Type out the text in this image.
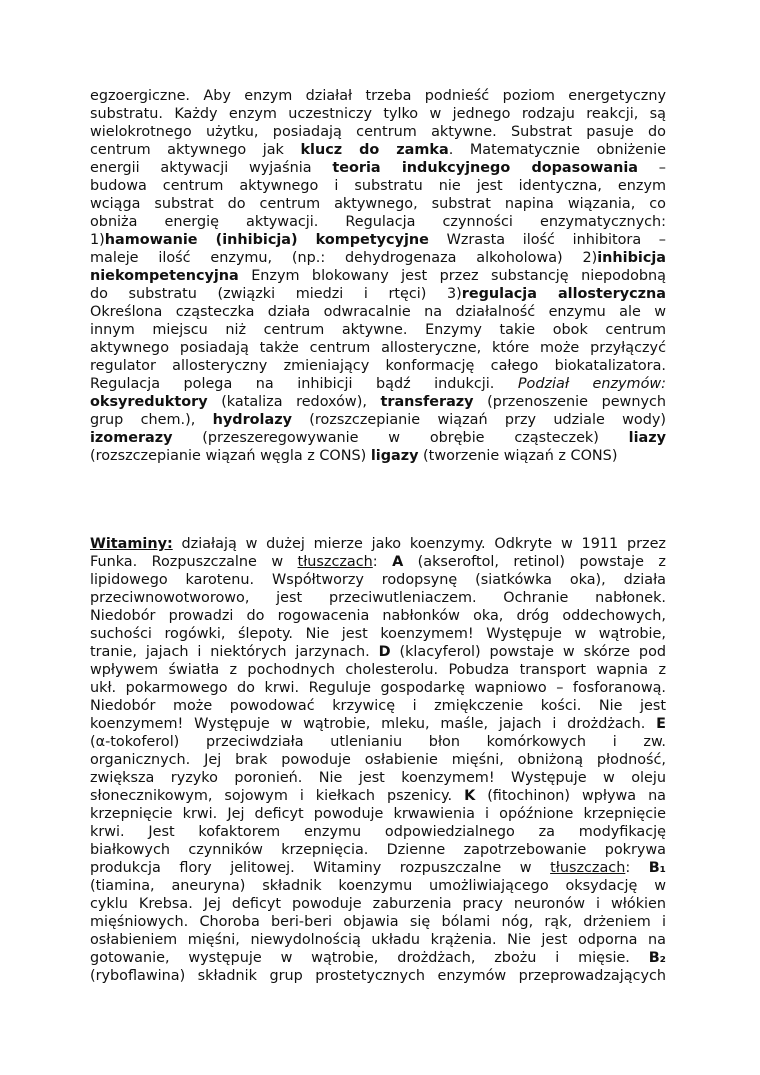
egzoergiczne. Aby enzym działał trzeba podnieść poziom energetyczny
substratu. Każdy enzym uczestniczy tylko w jednego rodzaju reakcji, są
wielokrotnego użytku, posiadają centrum aktywne. Substrat pasuje do
centrum aktywnego jak klucz do zamka. Matematycznie obniżenie
energii aktywacji wyjaśnia teoria indukcyjnego dopasowania –
budowa centrum aktywnego i substratu nie jest identyczna, enzym
wciąga substrat do centrum aktywnego, substrat napina wiązania, co
obniża energię aktywacji. Regulacja czynności enzymatycznych:
1)hamowanie (inhibicja) kompetycyjne Wzrasta ilość inhibitora –
maleje ilość enzymu, (np.: dehydrogenaza alkoholowa) 2)inhibicja
niekompetencyjna Enzym blokowany jest przez substancję niepodobną
do substratu (związki miedzi i rtęci) 3)regulacja allosteryczna
Określona cząsteczka działa odwracalnie na działalność enzymu ale w
innym miejscu niż centrum aktywne. Enzymy takie obok centrum
aktywnego posiadają także centrum allosteryczne, które może przyłączyć
regulator allosteryczny zmieniający konformację całego biokatalizatora.
Regulacja polega na inhibicji bądź indukcji. Podział enzymów:
oksyreduktory (kataliza redoxów), transferazy (przenoszenie pewnych
grup chem.), hydrolazy (rozszczepianie wiązań przy udziale wody)
izomerazy (przeszeregowywanie w obrębie cząsteczek) liazy
(rozszczepianie wiązań węgla z CONS) ligazy (tworzenie wiązań z CONS)
Witaminy: działają w dużej mierze jako koenzymy. Odkryte w 1911 przez
Funka. Rozpuszczalne w tłuszczach: A (akseroftol, retinol) powstaje z
lipidowego karotenu. Współtworzy rodopsynę (siatkówka oka), działa
przeciwnowotworowo, jest przeciwutleniaczem. Ochranie nabłonek.
Niedobór prowadzi do rogowacenia nabłonków oka, dróg oddechowych,
suchości rogówki, ślepoty. Nie jest koenzymem! Występuje w wątrobie,
tranie, jajach i niektórych jarzynach. D (klacyferol) powstaje w skórze pod
wpływem światła z pochodnych cholesterolu. Pobudza transport wapnia z
ukł. pokarmowego do krwi. Reguluje gospodarkę wapniowo – fosforanową.
Niedobór może powodować krzywicę i zmiękczenie kości. Nie jest
koenzymem! Występuje w wątrobie, mleku, maśle, jajach i drożdżach. E
(α-tokoferol) przeciwdziała utlenianiu błon komórkowych i zw.
organicznych. Jej brak powoduje osłabienie mięśni, obniżoną płodność,
zwiększa ryzyko poronień. Nie jest koenzymem! Występuje w oleju
słonecznikowym, sojowym i kiełkach pszenicy. K (fitochinon) wpływa na
krzepnięcie krwi. Jej deficyt powoduje krwawienia i opóźnione krzepnięcie
krwi. Jest kofaktorem enzymu odpowiedzialnego za modyfikację
białkowych czynników krzepnięcia. Dzienne zapotrzebowanie pokrywa
produkcja flory jelitowej. Witaminy rozpuszczalne w tłuszczach: B₁
(tiamina, aneuryna) składnik koenzymu umożliwiającego oksydację w
cyklu Krebsa. Jej deficyt powoduje zaburzenia pracy neuronów i włókien
mięśniowych. Choroba beri-beri objawia się bólami nóg, rąk, drżeniem i
osłabieniem mięśni, niewydolnością układu krążenia. Nie jest odporna na
gotowanie, występuje w wątrobie, drożdżach, zbożu i mięsie. B₂
(ryboflawina) składnik grup prostetycznych enzymów przeprowadzających
